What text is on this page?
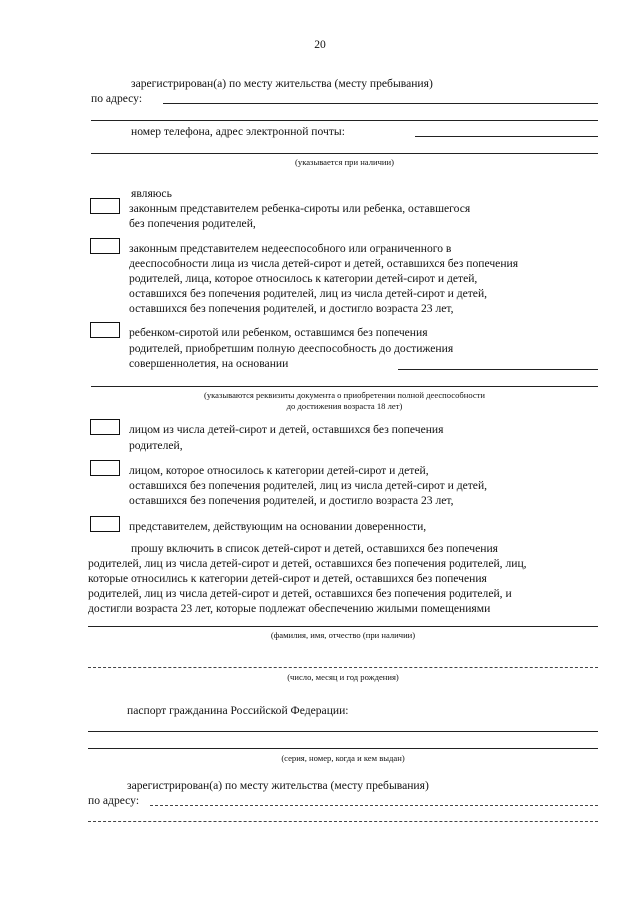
20
зарегистрирован(а) по месту жительства (месту пребывания)
по адресу:
номер телефона, адрес электронной почты:
(указывается при наличии)
являюсь
законным представителем ребенка-сироты или ребенка, оставшегося
без попечения родителей,
законным представителем недееспособного или ограниченного в
дееспособности лица из числа детей-сирот и детей, оставшихся без попечения
родителей, лица, которое относилось к категории детей-сирот и детей,
оставшихся без попечения родителей, лиц из числа детей-сирот и детей,
оставшихся без попечения родителей, и достигло возраста 23 лет,
ребенком-сиротой или ребенком, оставшимся без попечения
родителей, приобретшим полную дееспособность до достижения
совершеннолетия, на основании
(указываются реквизиты документа о приобретении полной дееспособности
до достижения возраста 18 лет)
лицом из числа детей-сирот и детей, оставшихся без попечения
родителей,
лицом, которое относилось к категории детей-сирот и детей,
оставшихся без попечения родителей, лиц из числа детей-сирот и детей,
оставшихся без попечения родителей, и достигло возраста 23 лет,
представителем, действующим на основании доверенности,
прошу включить в список детей-сирот и детей, оставшихся без попечения
родителей, лиц из числа детей-сирот и детей, оставшихся без попечения родителей, лиц,
которые относились к категории детей-сирот и детей, оставшихся без попечения
родителей, лиц из числа детей-сирот и детей, оставшихся без попечения родителей, и
достигли возраста 23 лет, которые подлежат обеспечению жилыми помещениями
(фамилия, имя, отчество (при наличии)
(число, месяц и год рождения)
паспорт гражданина Российской Федерации:
(серия, номер, когда и кем выдан)
зарегистрирован(а) по месту жительства (месту пребывания)
по адресу:
